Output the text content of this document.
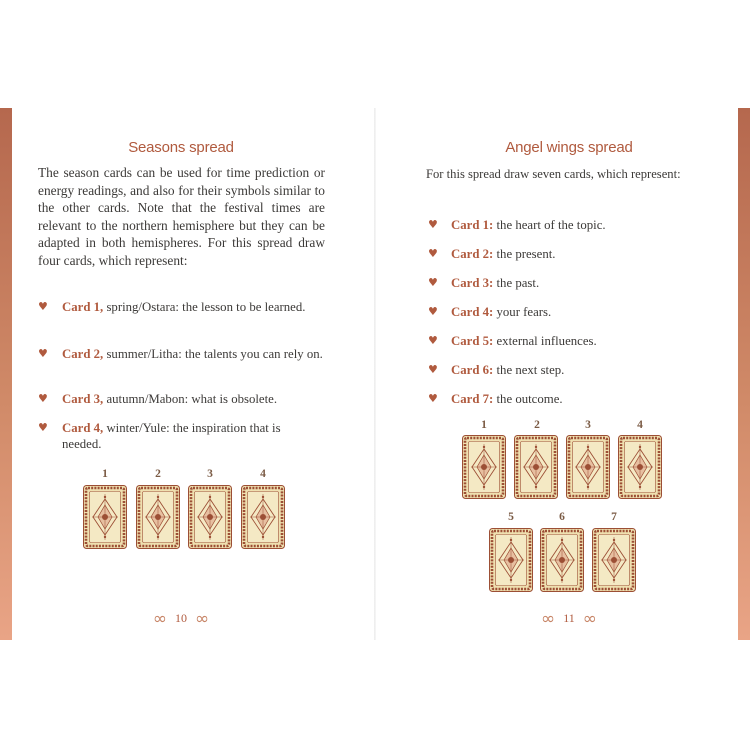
Seasons spread

The season cards can be used for time prediction or energy readings, and also for their symbols similar to the other cards. Note that the festival times are relevant to the northern hemisphere but they can be adapted in both hemispheres. For this spread draw four cards, which represent:

♥ Card 1, spring/Ostara: the lesson to be learned.
♥ Card 2, summer/Litha: the talents you can rely on.
♥ Card 3, autumn/Mabon: what is obsolete.
♥ Card 4, winter/Yule: the inspiration that is needed.
1	2	3	4
∞ 10 ∞
Angel wings spread

For this spread draw seven cards, which represent:

♥ Card 1: the heart of the topic.
♥ Card 2: the present.
♥ Card 3: the past.
♥ Card 4: your fears.
♥ Card 5: external influences.
♥ Card 6: the next step.
♥ Card 7: the outcome.
1	2	3	4
5	6	7
∞ 11 ∞
